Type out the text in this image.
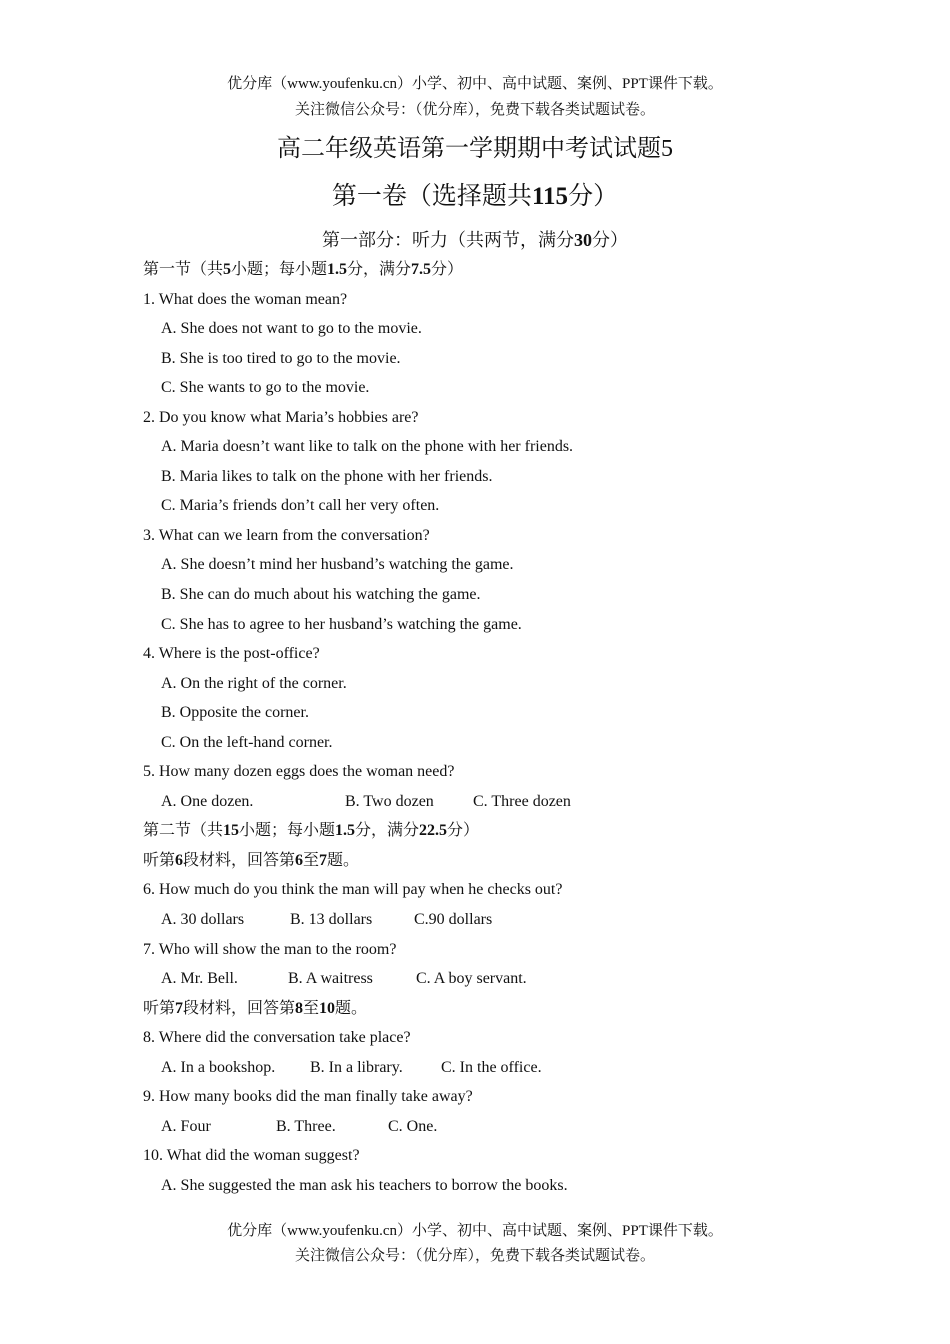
优分库（www.youfenku.cn）小学、初中、高中试题、案例、PPT课件下载。
关注微信公众号：（优分库），免费下载各类试题试卷。
高二年级英语第一学期期中考试试题5
第一卷（选择题共115分）
第一部分：听力（共两节，满分30分）
第一节（共5小题；每小题1.5分，满分7.5分）
1. What does the woman mean?
A. She does not want to go to the movie.
B. She is too tired to go to the movie.
C. She wants to go to the movie.
2. Do you know what Maria’s hobbies are?
A. Maria doesn’t want like to talk on the phone with her friends.
B. Maria likes to talk on the phone with her friends.
C. Maria’s friends don’t call her very often.
3. What can we learn from the conversation?
A. She doesn’t mind her husband’s watching the game.
B. She can do much about his watching the game.
C. She has to agree to her husband’s watching the game.
4. Where is the post-office?
A. On the right of the corner.
B. Opposite the corner.
C. On the left-hand corner.
5. How many dozen eggs does the woman need?
A. One dozen.	B. Two dozen C. Three dozen
第二节（共15小题；每小题1.5分，满分22.5分）
听第6段材料，回答第6至7题。
6. How much do you think the man will pay when he checks out?
A. 30 dollars	B. 13 dollars	C.90 dollars
7. Who will show the man to the room?
A. Mr. Bell.	B. A waitress	C. A boy servant.
听第7段材料，回答第8至10题。
8. Where did the conversation take place?
A. In a bookshop. B. In a library. C. In the office.
9. How many books did the man finally take away?
A. Four	B. Three.	C. One.
10. What did the woman suggest?
A. She suggested the man ask his teachers to borrow the books.
优分库（www.youfenku.cn）小学、初中、高中试题、案例、PPT课件下载。
关注微信公众号：（优分库），免费下载各类试题试卷。
